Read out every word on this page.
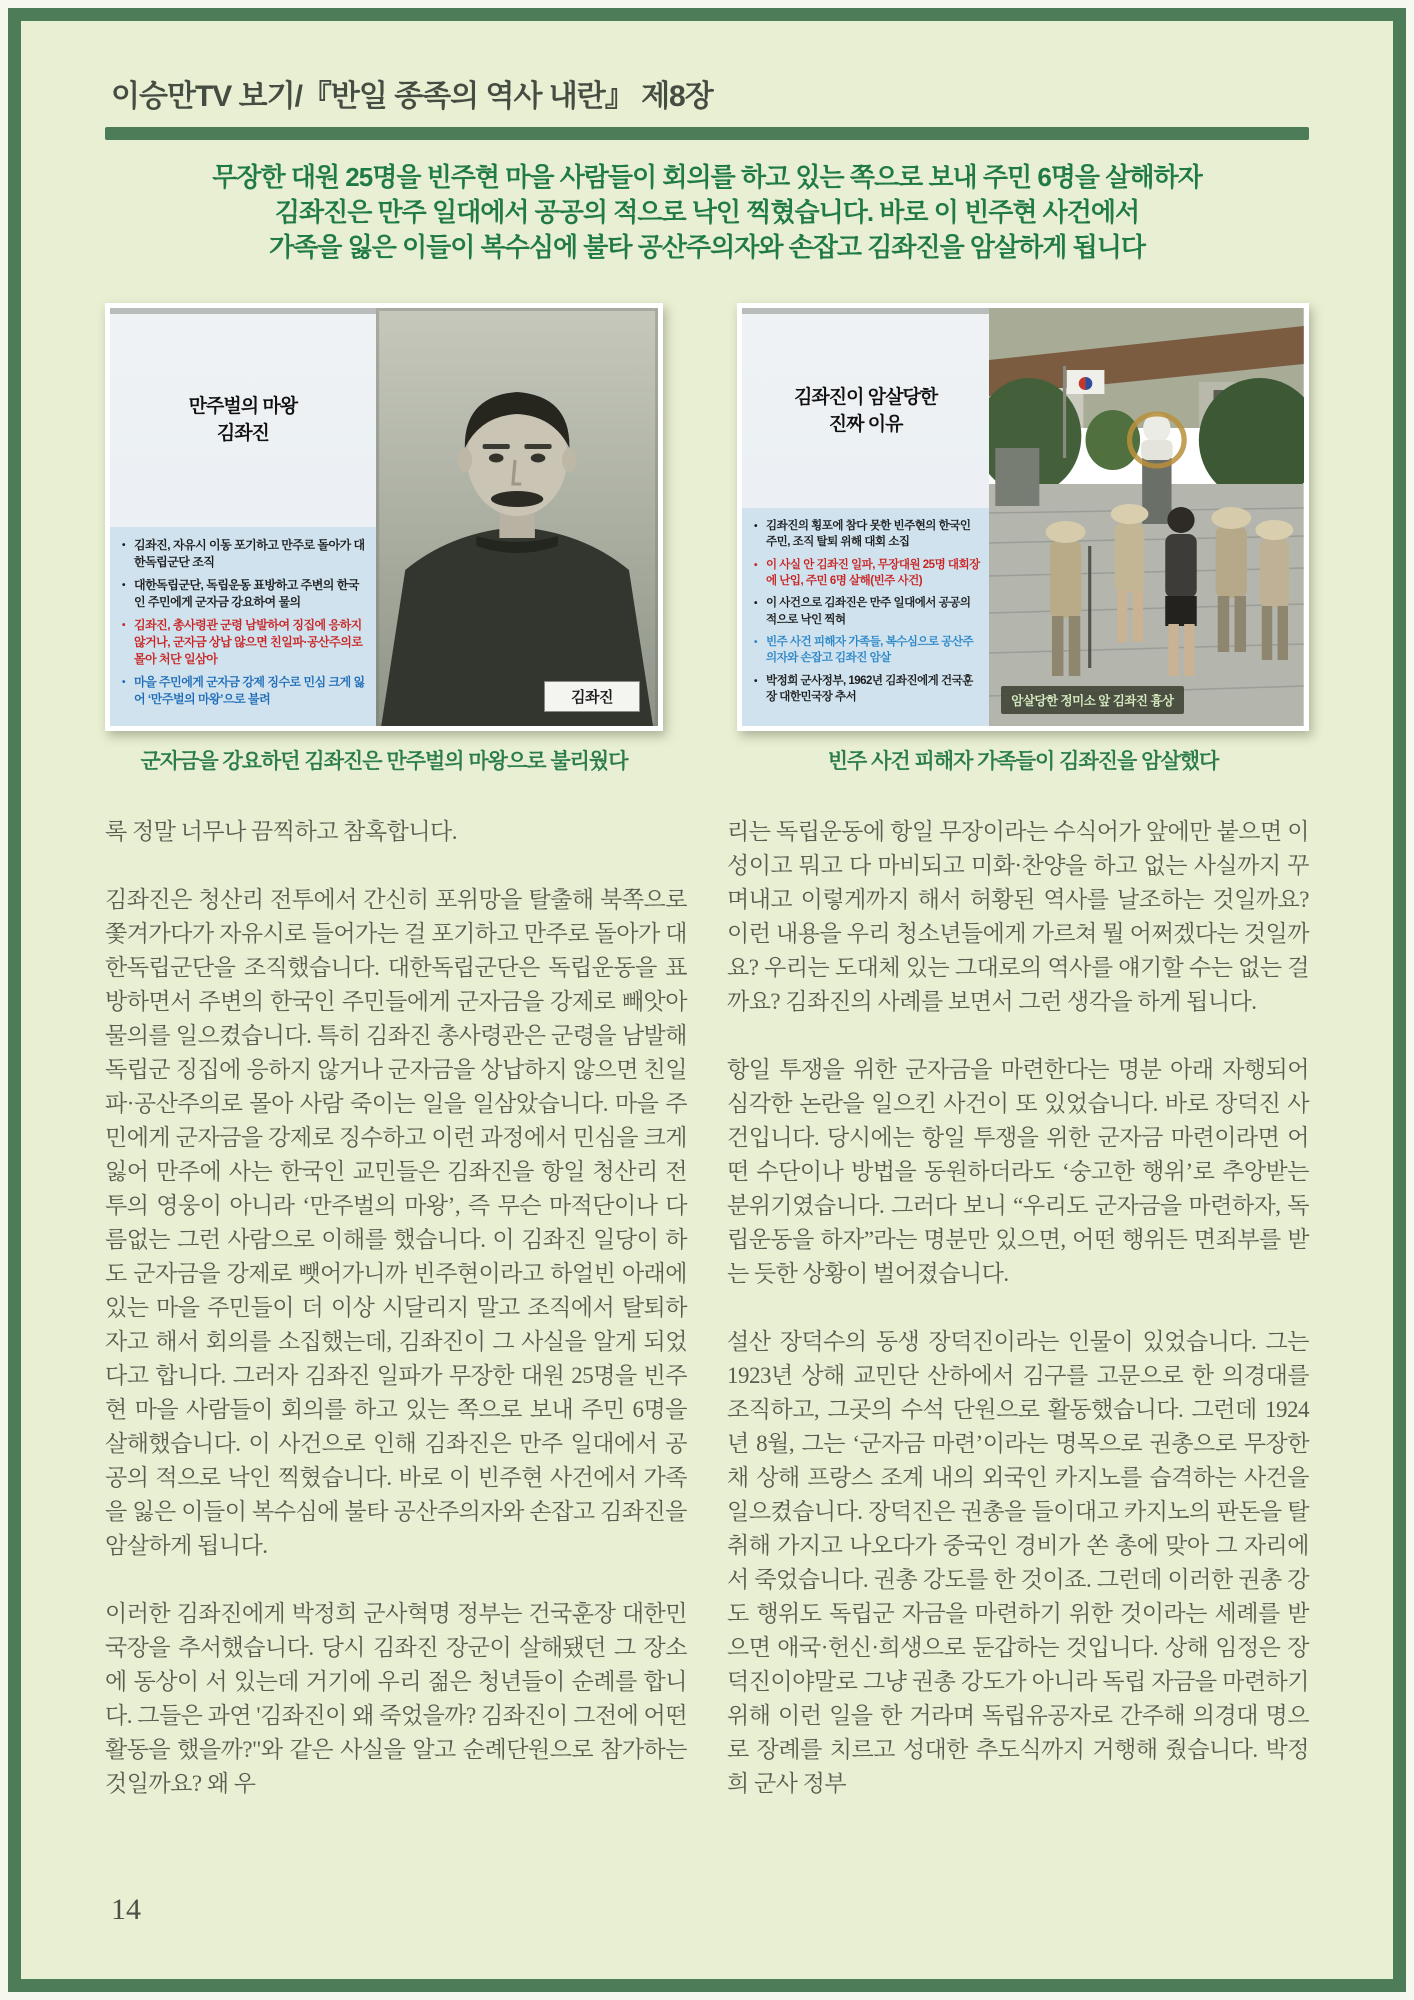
이승만TV 보기/『반일 종족의 역사 내란』 제8장
무장한 대원 25명을 빈주현 마을 사람들이 회의를 하고 있는 쪽으로 보내 주민 6명을 살해하자
김좌진은 만주 일대에서 공공의 적으로 낙인 찍혔습니다. 바로 이 빈주현 사건에서
가족을 잃은 이들이 복수심에 불타 공산주의자와 손잡고 김좌진을 암살하게 됩니다
만주벌의 마왕
김좌진
• 김좌진, 자유시 이동 포기하고 만주로 돌아가 대한독립군단 조직
• 대한독립군단, 독립운동 표방하고 주변의 한국인 주민에게 군자금 강요하여 물의
• 김좌진, 총사령관 군령 남발하여 징집에 응하지 않거나, 군자금 상납 않으면 친일파·공산주의로 몰아 처단 일삼아
• 마을 주민에게 군자금 강제 징수로 민심 크게 잃어 ‘만주벌의 마왕’으로 불려	김좌진
군자금을 강요하던 김좌진은 만주벌의 마왕으로 불리웠다
김좌진이 암살당한
진짜 이유
• 김좌진의 횡포에 참다 못한 빈주현의 한국인 주민, 조직 탈퇴 위해 대회 소집
• 이 사실 안 김좌진 일파, 무장대원 25명 대회장에 난입, 주민 6명 살해(빈주 사건)
• 이 사건으로 김좌진은 만주 일대에서 공공의 적으로 낙인 찍혀
• 빈주 사건 피해자 가족들, 복수심으로 공산주의자와 손잡고 김좌진 암살
• 박정희 군사정부, 1962년 김좌진에게 건국훈장 대한민국장 추서	암살당한 정미소 앞 김좌진 흉상
빈주 사건 피해자 가족들이 김좌진을 암살했다

록 정말 너무나 끔찍하고 참혹합니다.

김좌진은 청산리 전투에서 간신히 포위망을 탈출해 북쪽으로 쫓겨가다가 자유시로 들어가는 걸 포기하고 만주로 돌아가 대한독립군단을 조직했습니다. 대한독립군단은 독립운동을 표방하면서 주변의 한국인 주민들에게 군자금을 강제로 빼앗아 물의를 일으켰습니다. 특히 김좌진 총사령관은 군령을 남발해 독립군 징집에 응하지 않거나 군자금을 상납하지 않으면 친일파·공산주의로 몰아 사람 죽이는 일을 일삼았습니다. 마을 주민에게 군자금을 강제로 징수하고 이런 과정에서 민심을 크게 잃어 만주에 사는 한국인 교민들은 김좌진을 항일 청산리 전투의 영웅이 아니라 ‘만주벌의 마왕’, 즉 무슨 마적단이나 다름없는 그런 사람으로 이해를 했습니다. 이 김좌진 일당이 하도 군자금을 강제로 뺏어가니까 빈주현이라고 하얼빈 아래에 있는 마을 주민들이 더 이상 시달리지 말고 조직에서 탈퇴하자고 해서 회의를 소집했는데, 김좌진이 그 사실을 알게 되었다고 합니다. 그러자 김좌진 일파가 무장한 대원 25명을 빈주현 마을 사람들이 회의를 하고 있는 쪽으로 보내 주민 6명을 살해했습니다. 이 사건으로 인해 김좌진은 만주 일대에서 공공의 적으로 낙인 찍혔습니다. 바로 이 빈주현 사건에서 가족을 잃은 이들이 복수심에 불타 공산주의자와 손잡고 김좌진을 암살하게 됩니다.

이러한 김좌진에게 박정희 군사혁명 정부는 건국훈장 대한민국장을 추서했습니다. 당시 김좌진 장군이 살해됐던 그 장소에 동상이 서 있는데 거기에 우리 젊은 청년들이 순례를 합니다. 그들은 과연 '김좌진이 왜 죽었을까? 김좌진이 그전에 어떤 활동을 했을까?"와 같은 사실을 알고 순례단원으로 참가하는 것일까요? 왜 우

리는 독립운동에 항일 무장이라는 수식어가 앞에만 붙으면 이성이고 뭐고 다 마비되고 미화·찬양을 하고 없는 사실까지 꾸며내고 이렇게까지 해서 허황된 역사를 날조하는 것일까요? 이런 내용을 우리 청소년들에게 가르쳐 뭘 어쩌겠다는 것일까요? 우리는 도대체 있는 그대로의 역사를 얘기할 수는 없는 걸까요? 김좌진의 사례를 보면서 그런 생각을 하게 됩니다.

항일 투쟁을 위한 군자금을 마련한다는 명분 아래 자행되어 심각한 논란을 일으킨 사건이 또 있었습니다. 바로 장덕진 사건입니다. 당시에는 항일 투쟁을 위한 군자금 마련이라면 어떤 수단이나 방법을 동원하더라도 ‘숭고한 행위’로 추앙받는 분위기였습니다. 그러다 보니 “우리도 군자금을 마련하자, 독립운동을 하자”라는 명분만 있으면, 어떤 행위든 면죄부를 받는 듯한 상황이 벌어졌습니다.

설산 장덕수의 동생 장덕진이라는 인물이 있었습니다. 그는 1923년 상해 교민단 산하에서 김구를 고문으로 한 의경대를 조직하고, 그곳의 수석 단원으로 활동했습니다. 그런데 1924년 8월, 그는 ‘군자금 마련’이라는 명목으로 권총으로 무장한 채 상해 프랑스 조계 내의 외국인 카지노를 습격하는 사건을 일으켰습니다. 장덕진은 권총을 들이대고 카지노의 판돈을 탈취해 가지고 나오다가 중국인 경비가 쏜 총에 맞아 그 자리에서 죽었습니다. 권총 강도를 한 것이죠. 그런데 이러한 권총 강도 행위도 독립군 자금을 마련하기 위한 것이라는 세례를 받으면 애국·헌신·희생으로 둔갑하는 것입니다. 상해 임정은 장덕진이야말로 그냥 권총 강도가 아니라 독립 자금을 마련하기 위해 이런 일을 한 거라며 독립유공자로 간주해 의경대 명으로 장례를 치르고 성대한 추도식까지 거행해 줬습니다. 박정희 군사 정부

14
